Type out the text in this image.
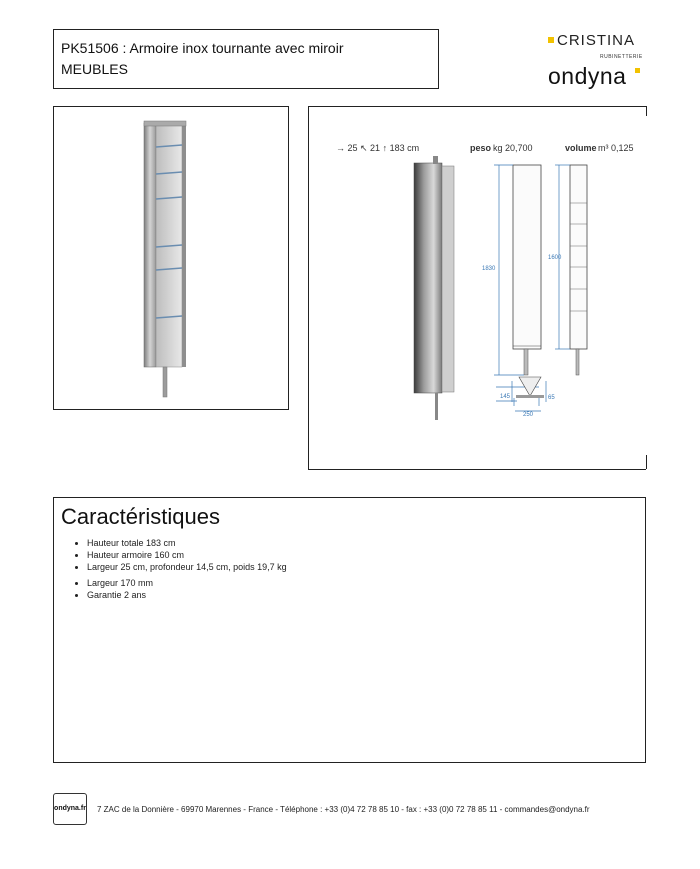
PK51506 : Armoire inox tournante avec miroir
MEUBLES
CRISTINA
RUBINETTERIE
ondyna
1830
1600
145	65
250
→ 25 ↖ 21 ↑ 183 cm	peso kg 20,700	volume m³ 0,125
Caractéristiques
• Hauteur totale 183 cm
• Hauteur armoire 160 cm
• Largeur 25 cm, profondeur 14,5 cm, poids 19,7 kg
• Largeur 170 mm
• Garantie 2 ans
ondyna.fr 7 ZAC de la Donnière - 69970 Marennes - France - Téléphone : +33 (0)4 72 78 85 10 - fax : +33 (0)0 72 78 85 11 - commandes@ondyna.fr
